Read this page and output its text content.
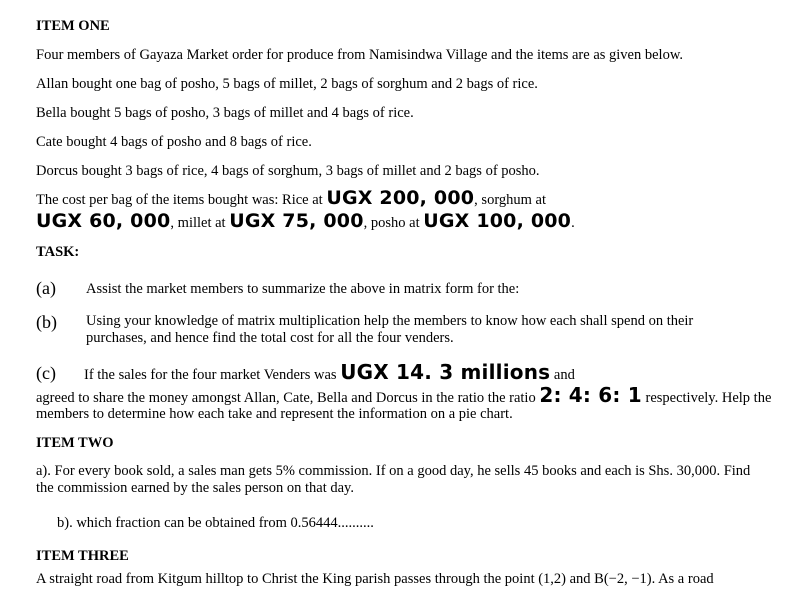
ITEM ONE
Four members of Gayaza Market order for produce from Namisindwa Village and the items are as given below.
Allan bought one bag of posho, 5 bags of millet, 2 bags of sorghum and 2 bags of rice.
Bella bought 5 bags of posho, 3 bags of millet and 4 bags of rice.
Cate bought 4 bags of posho and 8 bags of rice.
Dorcus bought 3 bags of rice, 4 bags of sorghum, 3 bags of millet and 2 bags of posho.
The cost per bag of the items bought was: Rice at UGX 200, 000, sorghum at
UGX 60, 000, millet at UGX 75, 000, posho at UGX 100, 000.
TASK:
(a) Assist the market members to summarize the above in matrix form for the:
(b) Using your knowledge of matrix multiplication help the members to know how each shall spend on their purchases, and hence find the total cost for all the four venders.
(c) If the sales for the four market Venders was UGX 14. 3 millions and
agreed to share the money amongst Allan, Cate, Bella and Dorcus in the ratio the ratio 2: 4: 6: 1 respectively. Help the
members to determine how each take and represent the information on a pie chart.
ITEM TWO
a). For every book sold, a sales man gets 5% commission. If on a good day, he sells 45 books and each is Shs. 30,000. Find the commission earned by the sales person on that day.
b). which fraction can be obtained from 0.56444..........
ITEM THREE
A straight road from Kitgum hilltop to Christ the King parish passes through the point (1,2) and B(−2, −1). As a road
